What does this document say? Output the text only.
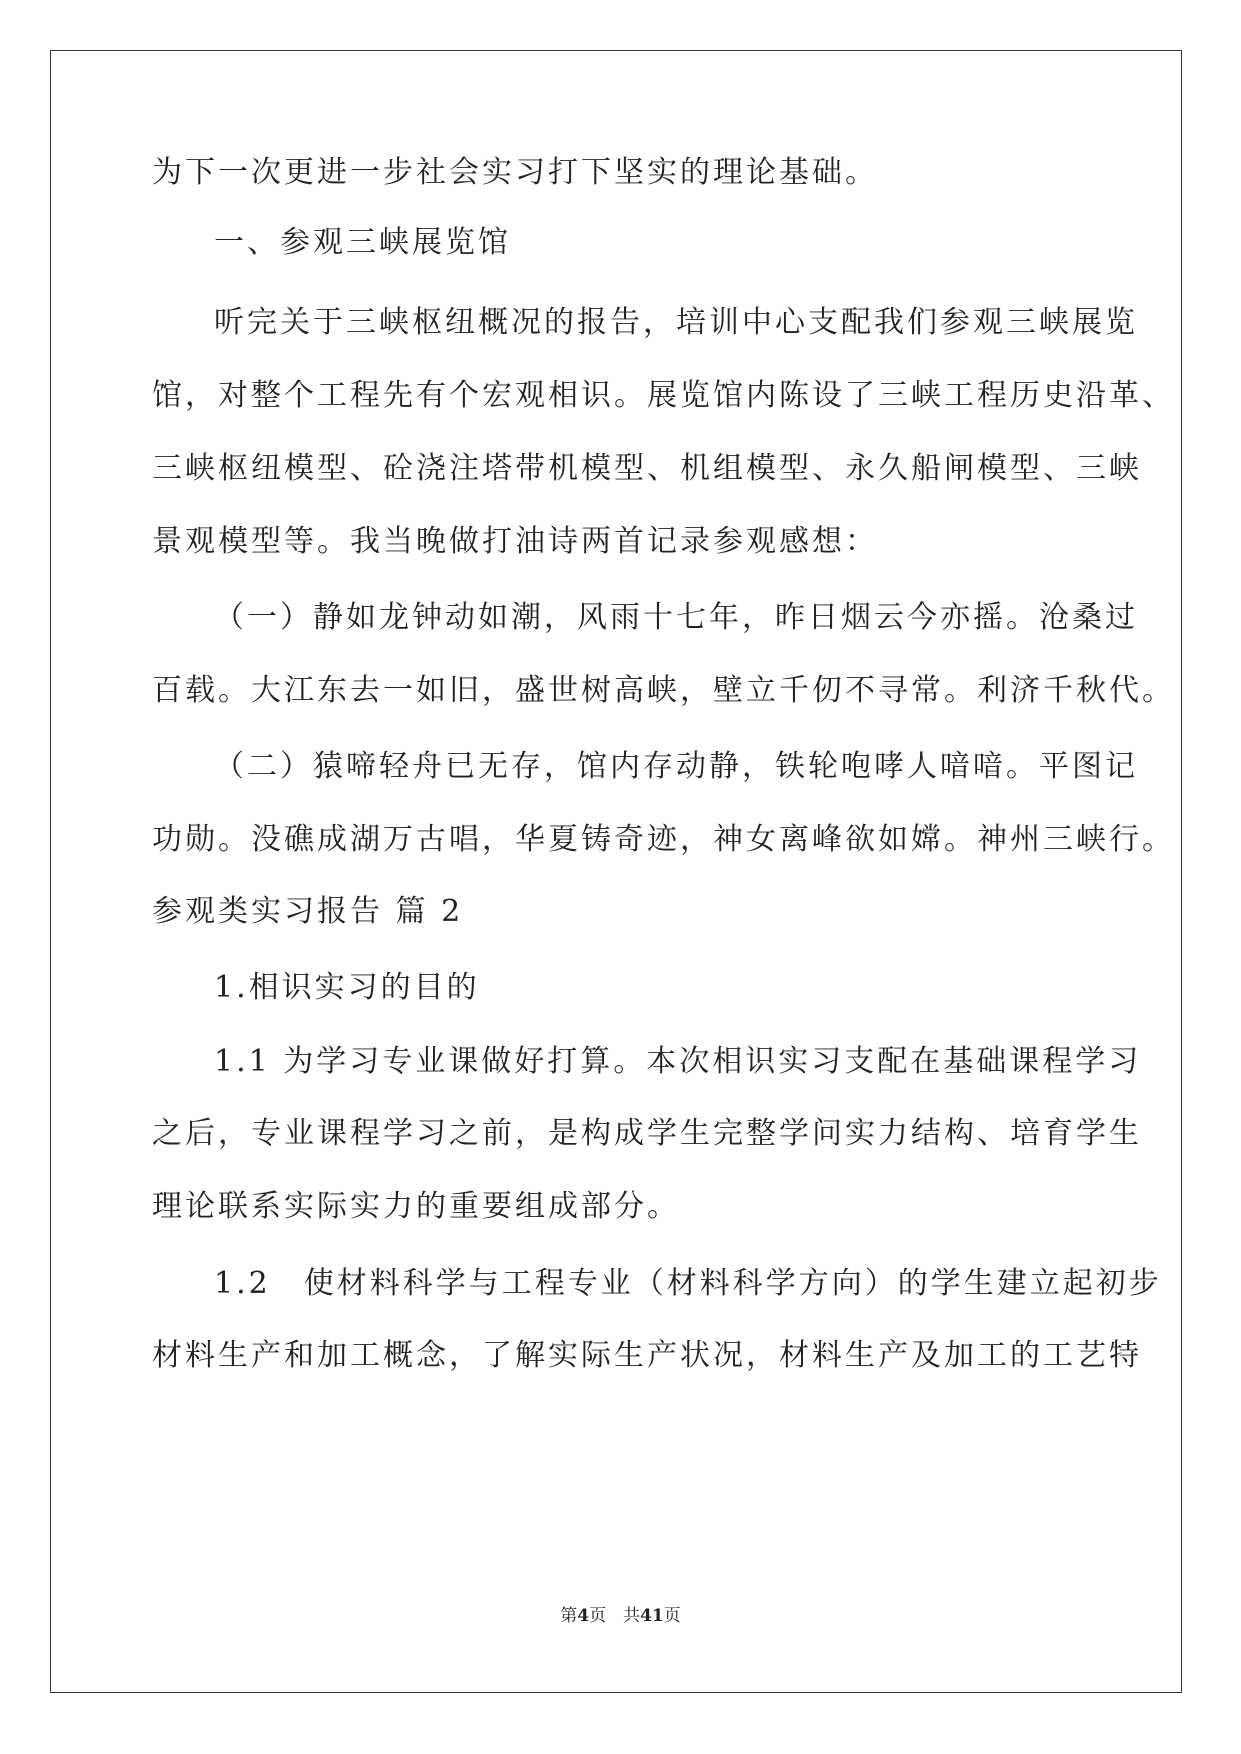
为下一次更进一步社会实习打下坚实的理论基础。
一、参观三峡展览馆
听完关于三峡枢纽概况的报告，培训中心支配我们参观三峡展览
馆，对整个工程先有个宏观相识。展览馆内陈设了三峡工程历史沿革、
三峡枢纽模型、砼浇注塔带机模型、机组模型、永久船闸模型、三峡
景观模型等。我当晚做打油诗两首记录参观感想：
（一）静如龙钟动如潮，风雨十七年，昨日烟云今亦摇。沧桑过
百载。大江东去一如旧，盛世树高峡，壁立千仞不寻常。利济千秋代。
（二）猿啼轻舟已无存，馆内存动静，铁轮咆哮人喑喑。平图记
功勋。没礁成湖万古唱，华夏铸奇迹，神女离峰欲如嫦。神州三峡行。
参观类实习报告 篇 2
1.相识实习的目的
1.1 为学习专业课做好打算。本次相识实习支配在基础课程学习
之后，专业课程学习之前，是构成学生完整学问实力结构、培育学生
理论联系实际实力的重要组成部分。
1.2　使材料科学与工程专业（材料科学方向）的学生建立起初步
材料生产和加工概念，了解实际生产状况，材料生产及加工的工艺特
第4页　共41页
